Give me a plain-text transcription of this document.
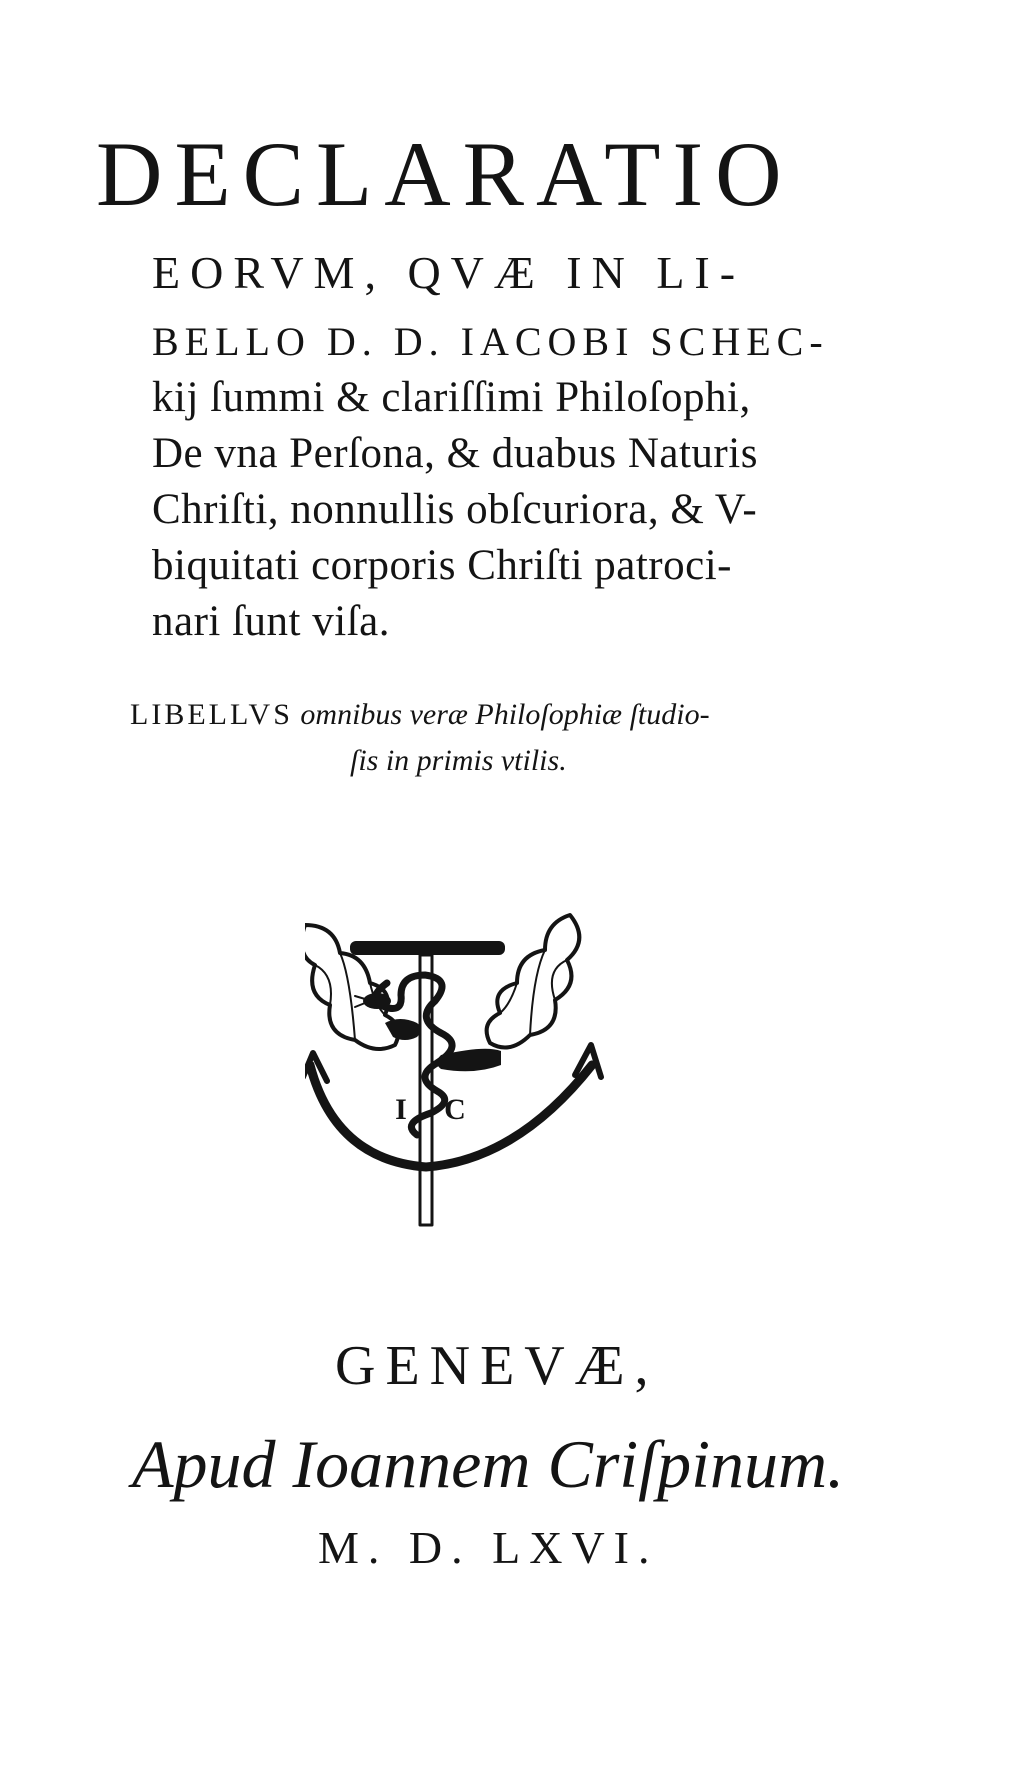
DECLARATIO
EORVM, QVÆ IN LI-
BELLO D. D. IACOBI SCHEC-
kij ſummi & clariſſimi Philoſophi,
De vna Perſona, & duabus Naturis
Chriſti, nonnullis obſcuriora, & V-
biquitati corporis Chriſti patroci-
nari ſunt viſa.
LIBELLVS omnibus veræ Philoſophiæ ſtudio-
ſis in primis vtilis.
I C
GENEVÆ,
Apud Ioannem Criſpinum.
M. D. LXVI.
